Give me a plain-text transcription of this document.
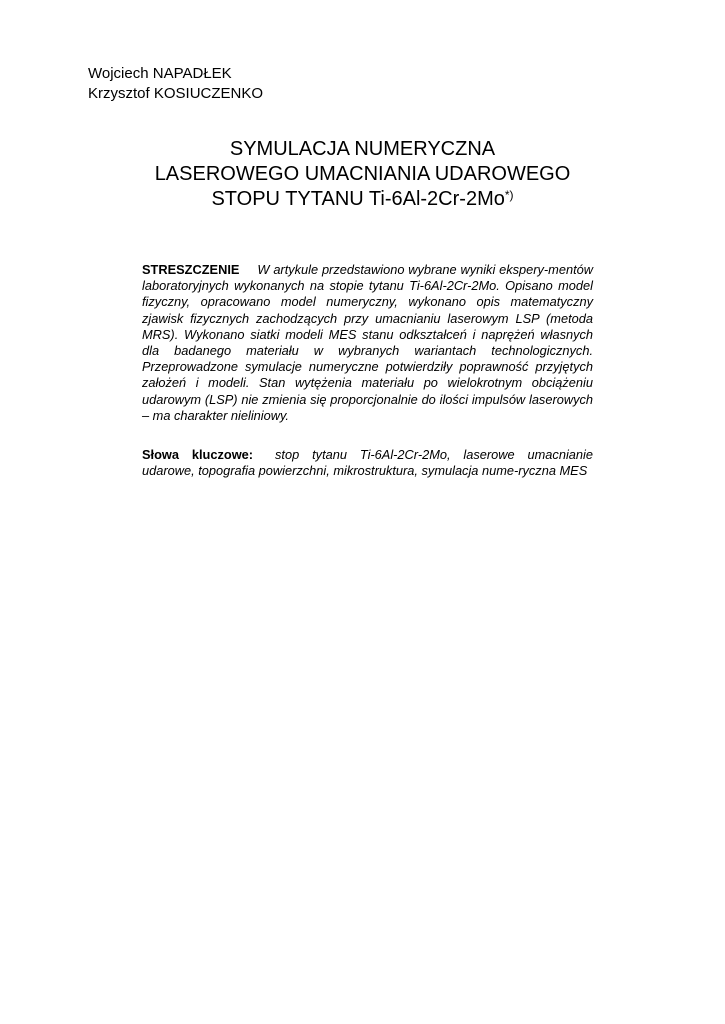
Wojciech NAPADŁEK
Krzysztof KOSIUCZENKO
SYMULACJA NUMERYCZNA
LASEROWEGO UMACNIANIA UDAROWEGO
STOPU TYTANU Ti-6Al-2Cr-2Mo*)

STRESZCZENIE W artykule przedstawiono wybrane wyniki ekspery-mentów laboratoryjnych wykonanych na stopie tytanu Ti-6Al-2Cr-2Mo. Opisano model fizyczny, opracowano model numeryczny, wykonano opis matematyczny zjawisk fizycznych zachodzących przy umacnianiu laserowym LSP (metoda MRS). Wykonano siatki modeli MES stanu odkształceń i naprężeń własnych dla badanego materiału w wybranych wariantach technologicznych. Przeprowadzone symulacje numeryczne potwierdziły poprawność przyjętych założeń i modeli. Stan wytężenia materiału po wielokrotnym obciążeniu udarowym (LSP) nie zmienia się proporcjonalnie do ilości impulsów laserowych – ma charakter nieliniowy.

Słowa kluczowe: stop tytanu Ti-6Al-2Cr-2Mo, laserowe umacnianie udarowe, topografia powierzchni, mikrostruktura, symulacja nume-ryczna MES
